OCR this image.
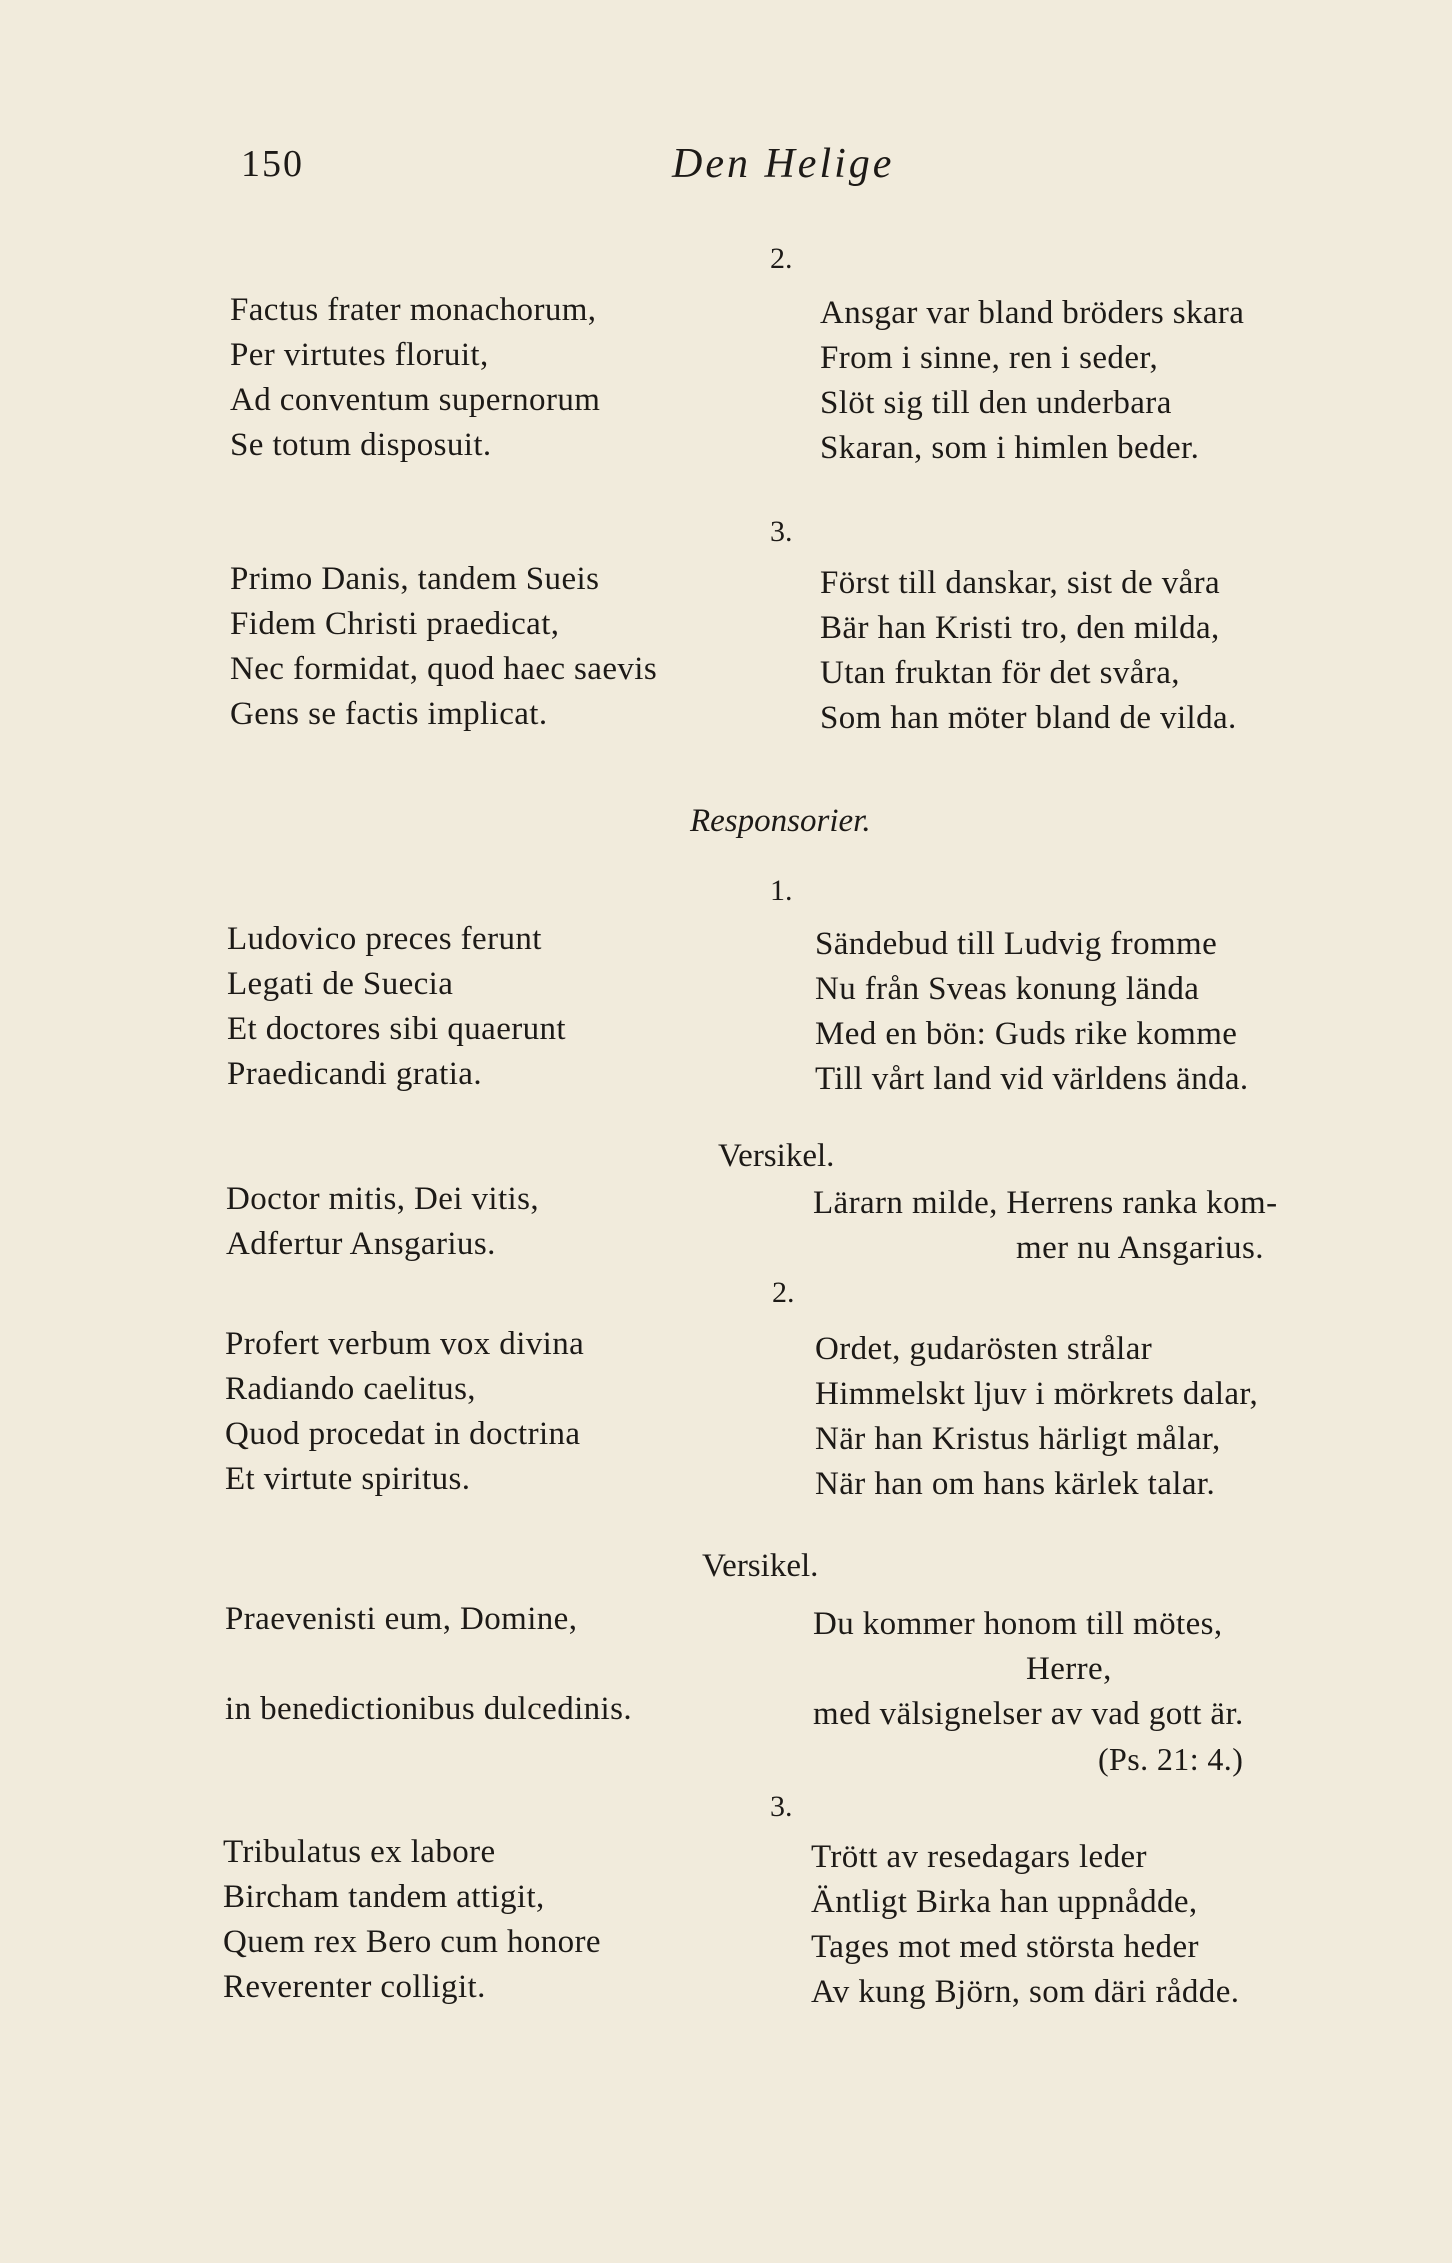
150	Den Helige
2.
Factus frater monachorum,
Per virtutes floruit,
Ad conventum supernorum
Se totum disposuit.
Ansgar var bland bröders skara
From i sinne, ren i seder,
Slöt sig till den underbara
Skaran, som i himlen beder.
3.
Primo Danis, tandem Sueis
Fidem Christi praedicat,
Nec formidat, quod haec saevis
Gens se factis implicat.
Först till danskar, sist de våra
Bär han Kristi tro, den milda,
Utan fruktan för det svåra,
Som han möter bland de vilda.
Responsorier.
1.
Ludovico preces ferunt
Legati de Suecia
Et doctores sibi quaerunt
Praedicandi gratia.
Sändebud till Ludvig fromme
Nu från Sveas konung lända
Med en bön: Guds rike komme
Till vårt land vid världens ända.
Versikel.
Doctor mitis, Dei vitis,
Adfertur Ansgarius.
Lärarn milde, Herrens ranka kom-
mer nu Ansgarius.
2.
Profert verbum vox divina
Radiando caelitus,
Quod procedat in doctrina
Et virtute spiritus.
Ordet, gudarösten strålar
Himmelskt ljuv i mörkrets dalar,
När han Kristus härligt målar,
När han om hans kärlek talar.
Versikel.
Praevenisti eum, Domine,
in benedictionibus dulcedinis.
Du kommer honom till mötes,
Herre,
med välsignelser av vad gott är.
(Ps. 21: 4.)
3.
Tribulatus ex labore
Bircham tandem attigit,
Quem rex Bero cum honore
Reverenter colligit.
Trött av resedagars leder
Äntligt Birka han uppnådde,
Tages mot med största heder
Av kung Björn, som däri rådde.
